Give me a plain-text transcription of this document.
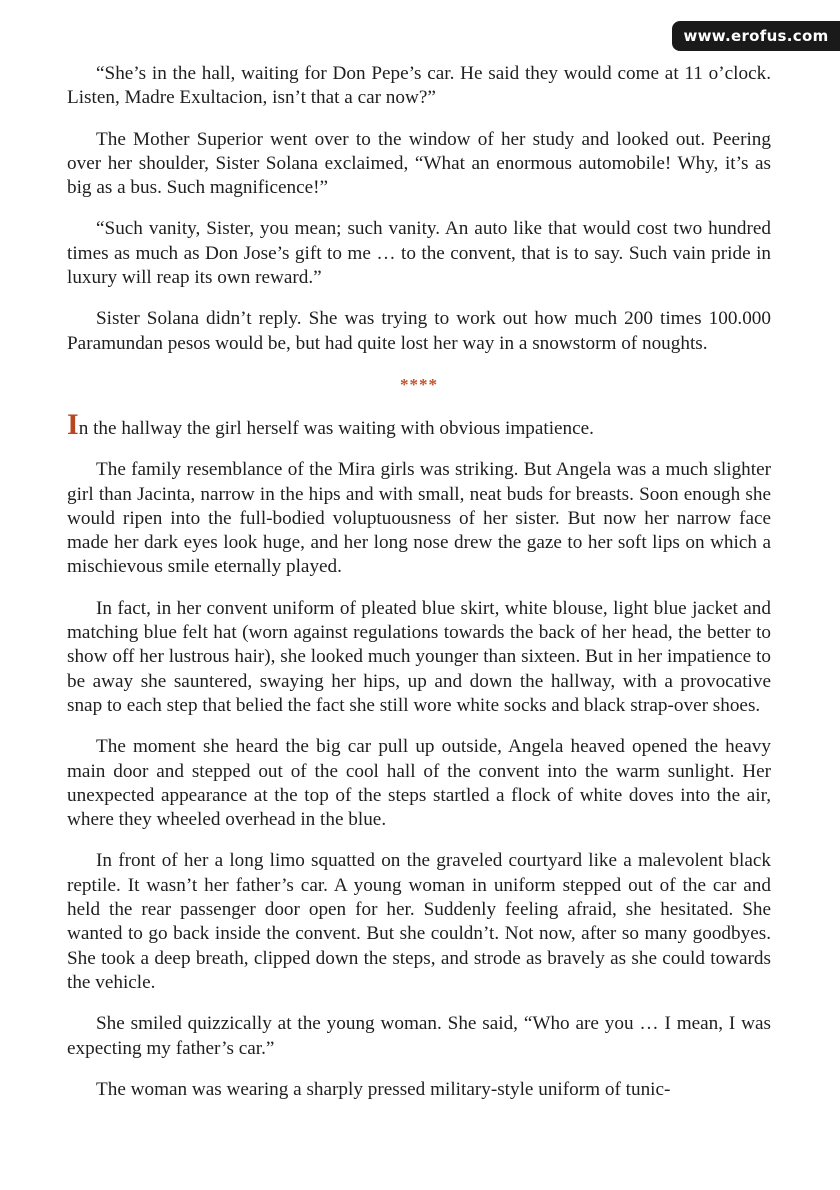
www.erofus.com

“She’s in the hall, waiting for Don Pepe’s car. He said they would come at 11 o’clock. Listen, Madre Exultacion, isn’t that a car now?”

The Mother Superior went over to the window of her study and looked out. Peering over her shoulder, Sister Solana exclaimed, “What an enormous automobile! Why, it’s as big as a bus. Such magnificence!”

“Such vanity, Sister, you mean; such vanity. An auto like that would cost two hundred times as much as Don Jose’s gift to me … to the convent, that is to say. Such vain pride in luxury will reap its own reward.”

Sister Solana didn’t reply. She was trying to work out how much 200 times 100.000 Paramundan pesos would be, but had quite lost her way in a snowstorm of noughts.

****

In the hallway the girl herself was waiting with obvious impatience.

The family resemblance of the Mira girls was striking. But Angela was a much slighter girl than Jacinta, narrow in the hips and with small, neat buds for breasts. Soon enough she would ripen into the full-bodied voluptuousness of her sister. But now her narrow face made her dark eyes look huge, and her long nose drew the gaze to her soft lips on which a mischievous smile eternally played.

In fact, in her convent uniform of pleated blue skirt, white blouse, light blue jacket and matching blue felt hat (worn against regulations towards the back of her head, the better to show off her lustrous hair), she looked much younger than sixteen. But in her impatience to be away she sauntered, swaying her hips, up and down the hallway, with a provocative snap to each step that belied the fact she still wore white socks and black strap-over shoes.

The moment she heard the big car pull up outside, Angela heaved opened the heavy main door and stepped out of the cool hall of the convent into the warm sunlight. Her unexpected appearance at the top of the steps startled a flock of white doves into the air, where they wheeled overhead in the blue.

In front of her a long limo squatted on the graveled courtyard like a malevolent black reptile. It wasn’t her father’s car. A young woman in uniform stepped out of the car and held the rear passenger door open for her. Suddenly feeling afraid, she hesitated. She wanted to go back inside the convent. But she couldn’t. Not now, after so many goodbyes. She took a deep breath, clipped down the steps, and strode as bravely as she could towards the vehicle.

She smiled quizzically at the young woman. She said, “Who are you … I mean, I was expecting my father’s car.”

The woman was wearing a sharply pressed military-style uniform of tunic-
